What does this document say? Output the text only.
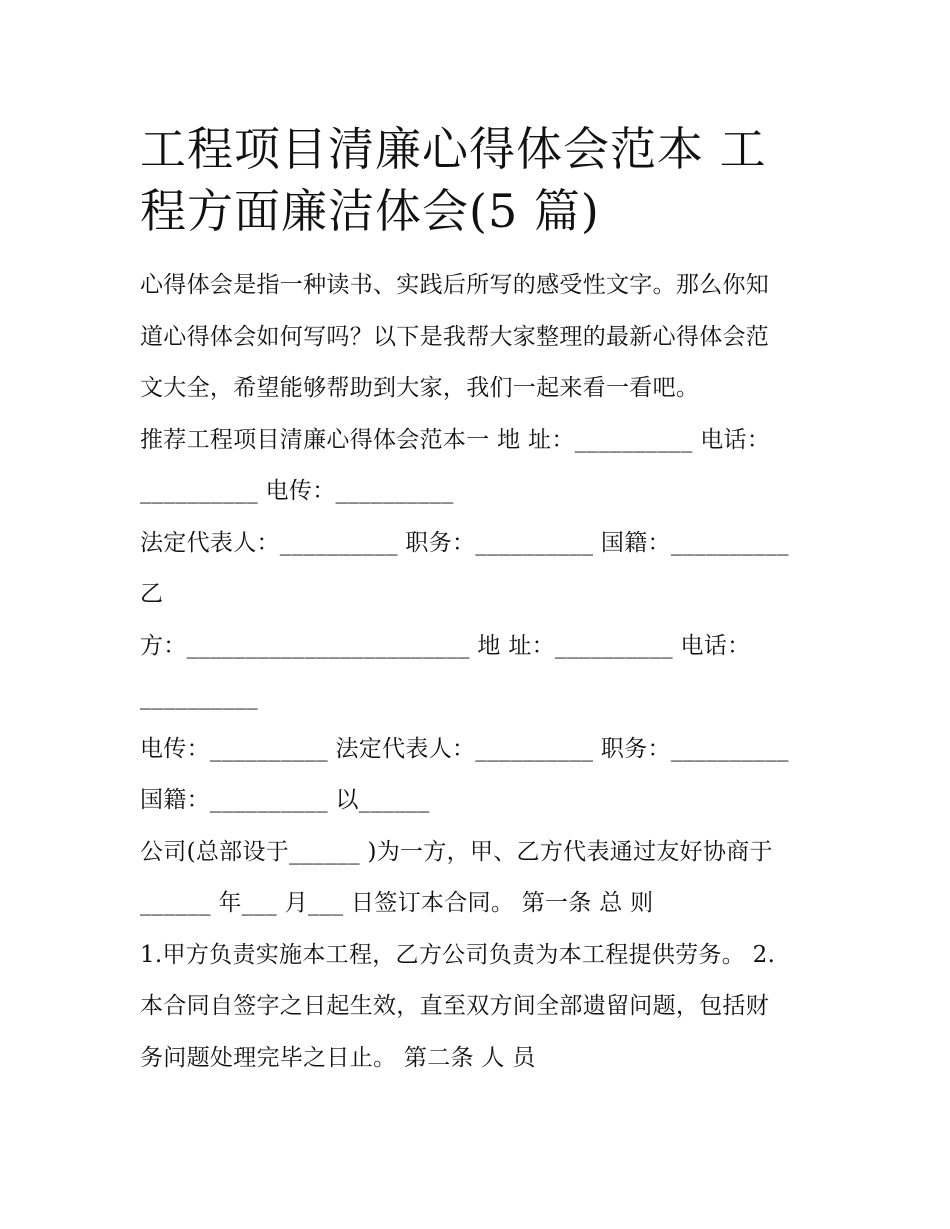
工程项目清廉心得体会范本 工
程方面廉洁体会(5 篇)
心得体会是指一种读书、实践后所写的感受性文字。那么你知
道心得体会如何写吗？以下是我帮大家整理的最新心得体会范
文大全，希望能够帮助到大家，我们一起来看一看吧。
推荐工程项目清廉心得体会范本一 地 址：__________ 电话：
__________ 电传：__________
法定代表人：__________ 职务：__________ 国籍：__________
乙
方：________________________ 地 址：__________ 电话：
__________
电传：__________ 法定代表人：__________ 职务：__________
国籍：__________ 以______
公司(总部设于______ )为一方，甲、乙方代表通过友好协商于
______ 年___ 月___ 日签订本合同。 第一条 总 则
1.甲方负责实施本工程，乙方公司负责为本工程提供劳务。 2.
本合同自签字之日起生效，直至双方间全部遗留问题，包括财
务问题处理完毕之日止。 第二条 人 员
